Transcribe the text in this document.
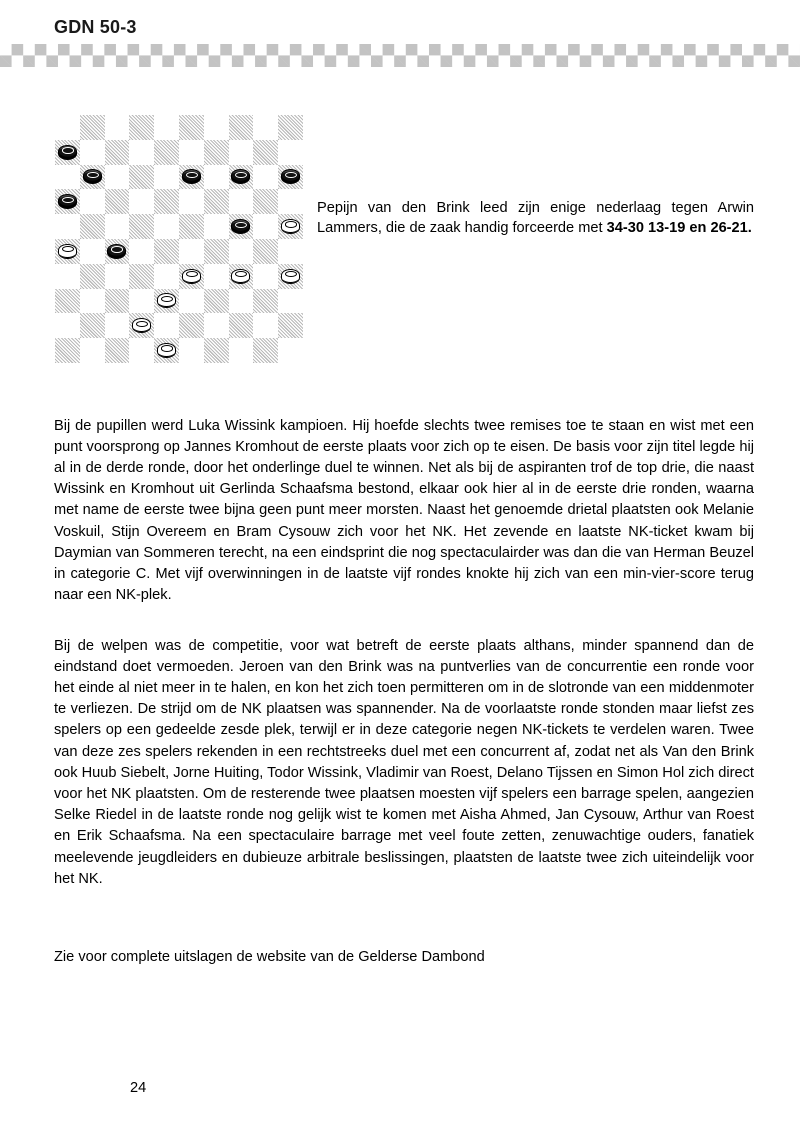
GDN 50-3

Pepijn van den Brink leed zijn enige nederlaag tegen Arwin Lammers, die de zaak handig forceerde met 34-30 13-19 en 26-21.

Bij de pupillen werd Luka Wissink kampioen. Hij hoefde slechts twee remises toe te staan en wist met een punt voorsprong op Jannes Kromhout de eerste plaats voor zich op te eisen. De basis voor zijn titel legde hij al in de derde ronde, door het onderlinge duel te winnen. Net als bij de aspiranten trof de top drie, die naast Wissink en Kromhout uit Gerlinda Schaafsma bestond, elkaar ook hier al in de eerste drie ronden, waarna met name de eerste twee bijna geen punt meer morsten. Naast het genoemde drietal plaatsten ook Melanie Voskuil, Stijn Overeem en Bram Cysouw zich voor het NK. Het zevende en laatste NK-ticket kwam bij Daymian van Sommeren terecht, na een eindsprint die nog spectaculairder was dan die van Herman Beuzel in categorie C. Met vijf overwinningen in de laatste vijf rondes knokte hij zich van een min-vier-score terug naar een NK-plek.

Bij de welpen was de competitie, voor wat betreft de eerste plaats althans, minder spannend dan de eindstand doet vermoeden. Jeroen van den Brink was na puntverlies van de concurrentie een ronde voor het einde al niet meer in te halen, en kon het zich toen permitteren om in de slotronde van een middenmoter te verliezen. De strijd om de NK plaatsen was spannender. Na de voorlaatste ronde stonden maar liefst zes spelers op een gedeelde zesde plek, terwijl er in deze categorie negen NK-tickets te verdelen waren. Twee van deze zes spelers rekenden in een rechtstreeks duel met een concurrent af, zodat net als Van den Brink ook Huub Siebelt, Jorne Huiting, Todor Wissink, Vladimir van Roest, Delano Tijssen en Simon Hol zich direct voor het NK plaatsten. Om de resterende twee plaatsen moesten vijf spelers een barrage spelen, aangezien Selke Riedel in de laatste ronde nog gelijk wist te komen met Aisha Ahmed, Jan Cysouw, Arthur van Roest en Erik Schaafsma. Na een spectaculaire barrage met veel foute zetten, zenuwachtige ouders, fanatiek meelevende jeugdleiders en dubieuze arbitrale beslissingen, plaatsten de laatste twee zich uiteindelijk voor het NK.

Zie voor complete uitslagen de website van de Gelderse Dambond

24
